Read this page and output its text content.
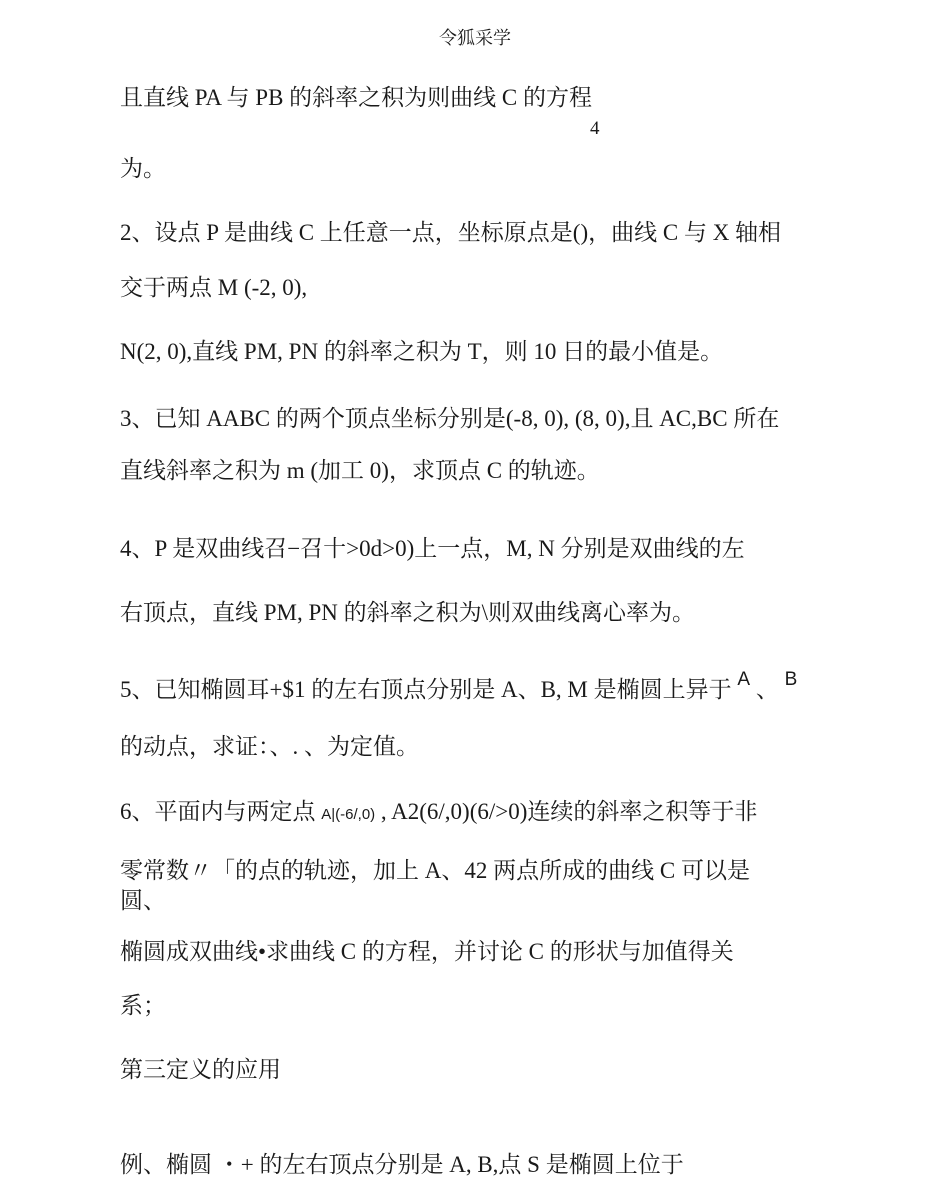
令狐采学
且直线 PA 与 PB 的斜率之积为则曲线 C 的方程
4
为。
2、设点 P 是曲线 C 上任意一点，坐标原点是()，曲线 C 与 X 轴相
交于两点 M (-2, 0),
N(2, 0),直线 PM, PN 的斜率之积为 T，则 10 日的最小值是。
3、已知 AABC 的两个顶点坐标分别是(-8, 0), (8, 0),且 AC,BC 所在
直线斜率之积为 m (加工 0)，求顶点 C 的轨迹。
4、P 是双曲线召−召十>0d>0)上一点，M, N 分别是双曲线的左
右顶点，直线 PM, PN 的斜率之积为\则双曲线离心率为。
5、已知椭圆耳+$1 的左右顶点分别是 A、B, M 是椭圆上异于 $^A$ 、 $^B$
的动点，求证：、. 、为定值。
6、平面内与两定点 A|(-6/,0) , A2(6/,0)(6/>0)连续的斜率之积等于非
零常数〃「的点的轨迹，加上 A、42 两点所成的曲线 C 可以是
圆、
椭圆成双曲线•求曲线 C 的方程，并讨论 C 的形状与加值得关
系；
第三定义的应用
例、椭圆 ・+ 的左右顶点分别是 A, B,点 S 是椭圆上位于
